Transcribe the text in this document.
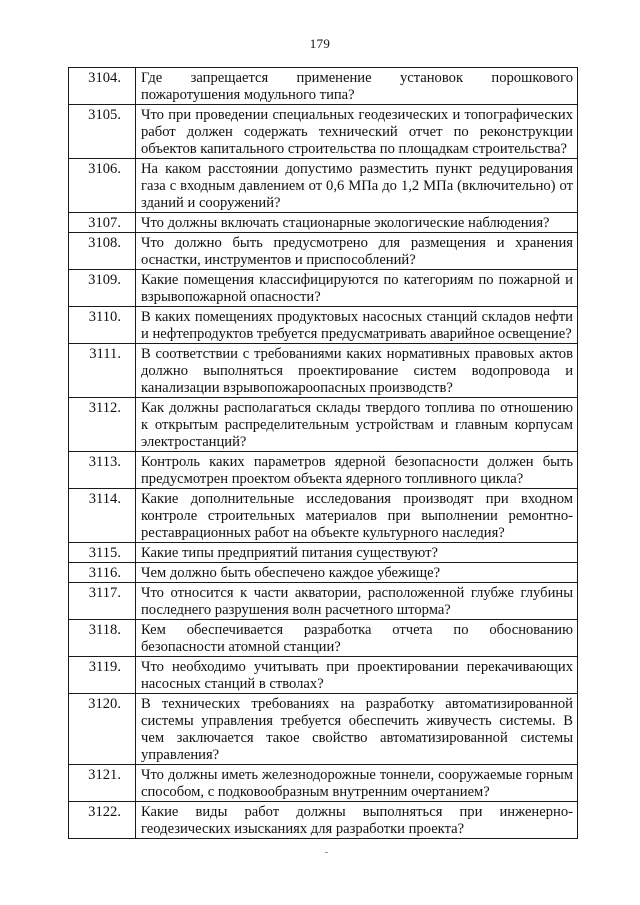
179
3104.	Где запрещается применение установок порошкового пожаротушения модульного типа?
3105.	Что при проведении специальных геодезических и топографических работ должен содержать технический отчет по реконструкции объектов капитального строительства по площадкам строительства?
3106.	На каком расстоянии допустимо разместить пункт редуцирования газа с входным давлением от 0,6 МПа до 1,2 МПа (включительно) от зданий и сооружений?
3107.	Что должны включать стационарные экологические наблюдения?
3108.	Что должно быть предусмотрено для размещения и хранения оснастки, инструментов и приспособлений?
3109.	Какие помещения классифицируются по категориям по пожарной и взрывопожарной опасности?
3110.	В каких помещениях продуктовых насосных станций складов нефти и нефтепродуктов требуется предусматривать аварийное освещение?
3111.	В соответствии с требованиями каких нормативных правовых актов должно выполняться проектирование систем водопровода и канализации взрывопожароопасных производств?
3112.	Как должны располагаться склады твердого топлива по отношению к открытым распределительным устройствам и главным корпусам электростанций?
3113.	Контроль каких параметров ядерной безопасности должен быть предусмотрен проектом объекта ядерного топливного цикла?
3114.	Какие дополнительные исследования производят при входном контроле строительных материалов при выполнении ремонтно-реставрационных работ на объекте культурного наследия?
3115.	Какие типы предприятий питания существуют?
3116.	Чем должно быть обеспечено каждое убежище?
3117.	Что относится к части акватории, расположенной глубже глубины последнего разрушения волн расчетного шторма?
3118.	Кем обеспечивается разработка отчета по обоснованию безопасности атомной станции?
3119.	Что необходимо учитывать при проектировании перекачивающих насосных станций в стволах?
3120.	В технических требованиях на разработку автоматизированной системы управления требуется обеспечить живучесть системы. В чем заключается такое свойство автоматизированной системы управления?
3121.	Что должны иметь железнодорожные тоннели, сооружаемые горным способом, с подковообразным внутренним очертанием?
3122.	Какие виды работ должны выполняться при инженерно-геодезических изысканиях для разработки проекта?
